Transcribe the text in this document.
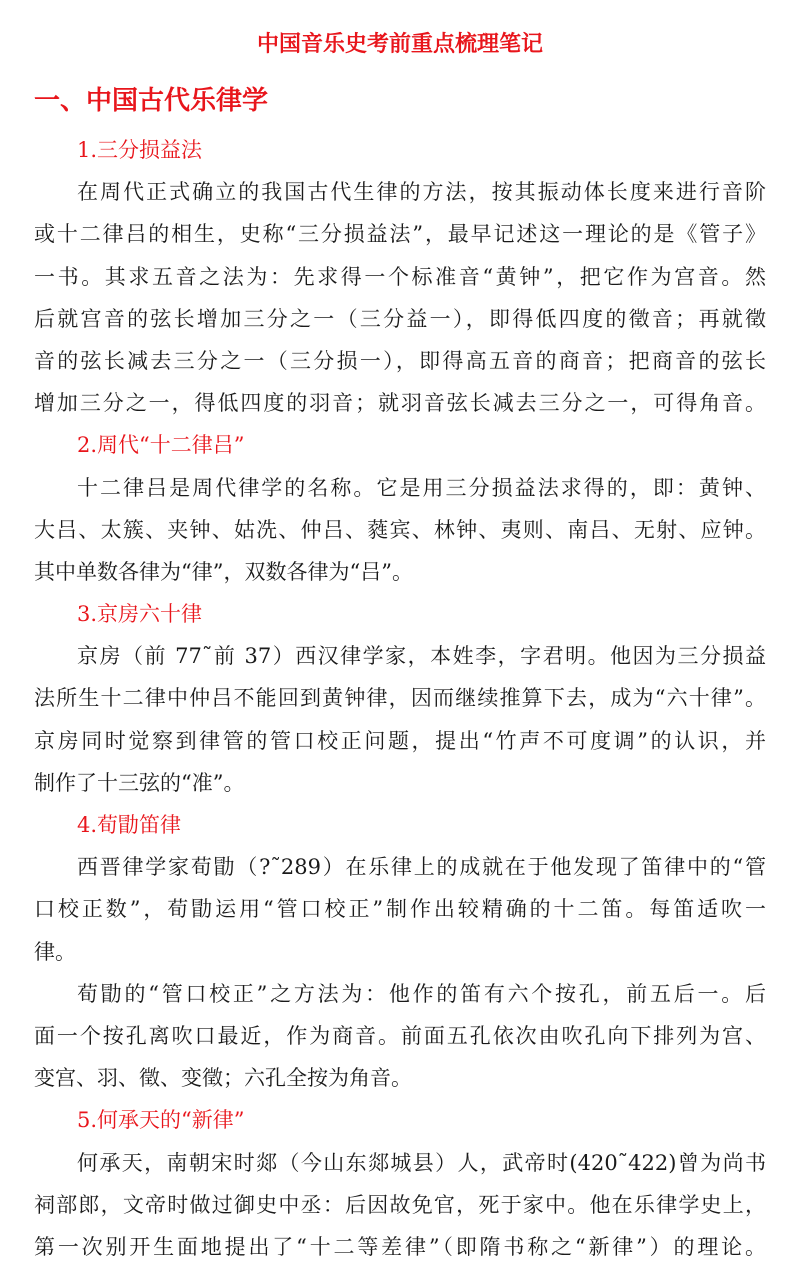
中国音乐史考前重点梳理笔记
一、中国古代乐律学
1.三分损益法
在周代正式确立的我国古代生律的方法，按其振动体长度来进行音阶
或十二律吕的相生，史称“三分损益法”，最早记述这一理论的是《管子》
一书。其求五音之法为：先求得一个标准音“黄钟”，把它作为宫音。然
后就宫音的弦长增加三分之一（三分益一），即得低四度的徵音；再就徵
音的弦长减去三分之一（三分损一），即得高五音的商音；把商音的弦长
增加三分之一，得低四度的羽音；就羽音弦长减去三分之一，可得角音。
2.周代“十二律吕”
十二律吕是周代律学的名称。它是用三分损益法求得的，即：黄钟、
大吕、太簇、夹钟、姑冼、仲吕、蕤宾、林钟、夷则、南吕、无射、应钟。
其中单数各律为“律”，双数各律为“吕”。
3.京房六十律
京房（前 77˜前 37）西汉律学家，本姓李，字君明。他因为三分损益
法所生十二律中仲吕不能回到黄钟律，因而继续推算下去，成为“六十律”。
京房同时觉察到律管的管口校正问题，提出“竹声不可度调”的认识，并
制作了十三弦的“准”。
4.荀勖笛律
西晋律学家荀勖（?˜289）在乐律上的成就在于他发现了笛律中的“管
口校正数”，荀勖运用“管口校正”制作出较精确的十二笛。每笛适吹一
律。
荀勖的“管口校正”之方法为：他作的笛有六个按孔，前五后一。后
面一个按孔离吹口最近，作为商音。前面五孔依次由吹孔向下排列为宫、
变宫、羽、徵、变徵；六孔全按为角音。
5.何承天的“新律”
何承天，南朝宋时郯（今山东郯城县）人，武帝时(420˜422)曾为尚书
祠部郎，文帝时做过御史中丞：后因故免官，死于家中。他在乐律学史上，
第一次别开生面地提出了“十二等差律”（即隋书称之“新律”）的理论。
